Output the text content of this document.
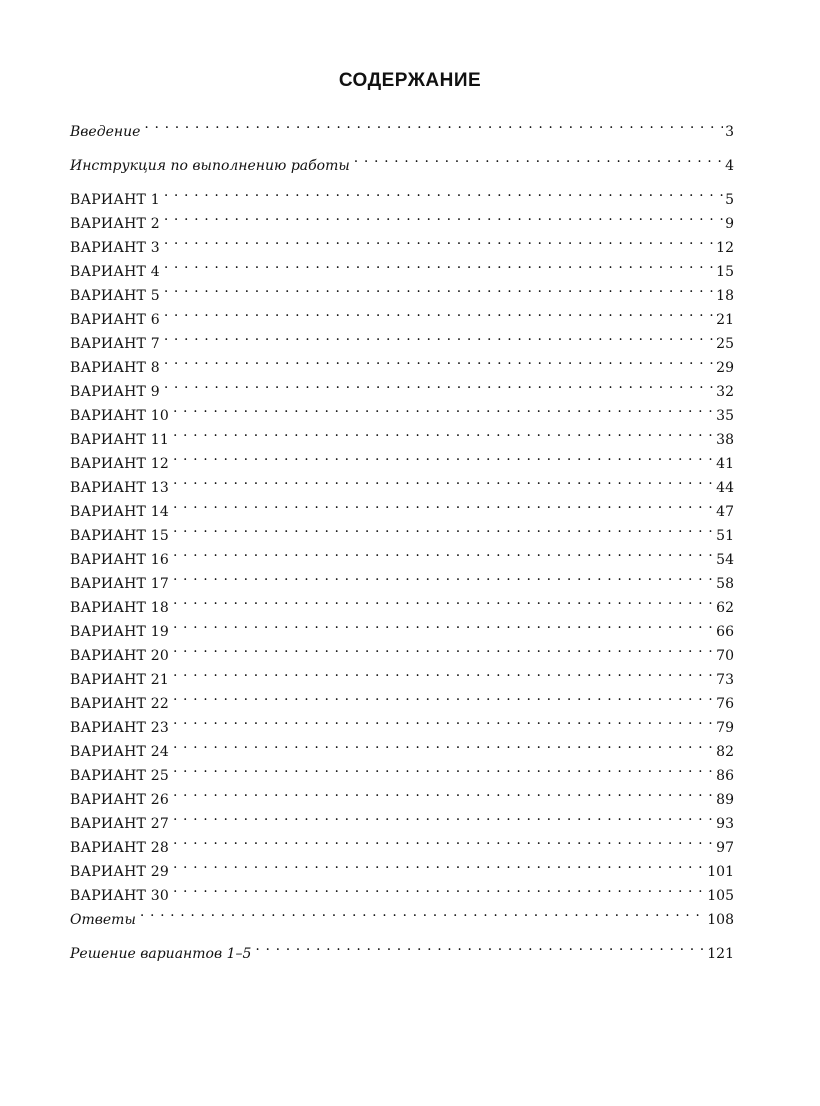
СОДЕРЖАНИЕ
Введение . . .	3
Инструкция по выполнению работы . . .	4
ВАРИАНТ 1 . . .	5
ВАРИАНТ 2 . . .	9
ВАРИАНТ 3 . . .	12
ВАРИАНТ 4 . . .	15
ВАРИАНТ 5 . . .	18
ВАРИАНТ 6 . . .	21
ВАРИАНТ 7 . . .	25
ВАРИАНТ 8 . . .	29
ВАРИАНТ 9 . . .	32
ВАРИАНТ 10 . . .	35
ВАРИАНТ 11 . . .	38
ВАРИАНТ 12 . . .	41
ВАРИАНТ 13 . . .	44
ВАРИАНТ 14 . . .	47
ВАРИАНТ 15 . . .	51
ВАРИАНТ 16 . . .	54
ВАРИАНТ 17 . . .	58
ВАРИАНТ 18 . . .	62
ВАРИАНТ 19 . . .	66
ВАРИАНТ 20 . . .	70
ВАРИАНТ 21 . . .	73
ВАРИАНТ 22 . . .	76
ВАРИАНТ 23 . . .	79
ВАРИАНТ 24 . . .	82
ВАРИАНТ 25 . . .	86
ВАРИАНТ 26 . . .	89
ВАРИАНТ 27 . . .	93
ВАРИАНТ 28 . . .	97
ВАРИАНТ 29 . . .	101
ВАРИАНТ 30 . . .	105
Ответы . . .	108
Решение вариантов 1–5 . . .	121
